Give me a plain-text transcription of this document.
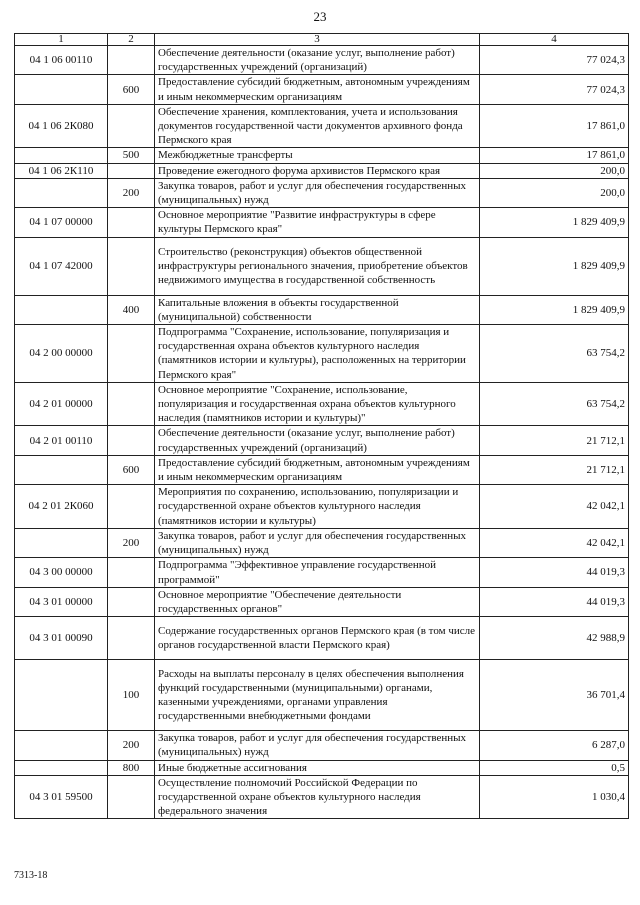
23
1	2	3	4
04 1 06 00110		Обеспечение деятельности (оказание услуг, выполнение работ) государственных учреждений (организаций)	77 024,3
	600	Предоставление субсидий бюджетным, автономным учреждениям и иным некоммерческим организациям	77 024,3
04 1 06 2К080		Обеспечение хранения, комплектования, учета и использования документов государственной части документов архивного фонда Пермского края	17 861,0
	500	Межбюджетные трансферты	17 861,0
04 1 06 2К110		Проведение ежегодного форума архивистов Пермского края	200,0
	200	Закупка товаров, работ и услуг для обеспечения государственных (муниципальных) нужд	200,0
04 1 07 00000		Основное мероприятие "Развитие инфраструктуры в сфере культуры Пермского края"	1 829 409,9
04 1 07 42000		Строительство (реконструкция) объектов общественной инфраструктуры регионального значения, приобретение объектов недвижимого имущества в государственной собственность	1 829 409,9
	400	Капитальные вложения в объекты государственной (муниципальной) собственности	1 829 409,9
04 2 00 00000		Подпрограмма "Сохранение, использование, популяризация и государственная охрана объектов культурного наследия (памятников истории и культуры), расположенных на территории Пермского края"	63 754,2
04 2 01 00000		Основное мероприятие "Сохранение, использование, популяризация и государственная охрана объектов культурного наследия (памятников истории и культуры)"	63 754,2
04 2 01 00110		Обеспечение деятельности (оказание услуг, выполнение работ) государственных учреждений (организаций)	21 712,1
	600	Предоставление субсидий бюджетным, автономным учреждениям и иным некоммерческим организациям	21 712,1
04 2 01 2К060		Мероприятия по сохранению, использованию, популяризации и государственной охране объектов культурного наследия (памятников истории и культуры)	42 042,1
	200	Закупка товаров, работ и услуг для обеспечения государственных (муниципальных) нужд	42 042,1
04 3 00 00000		Подпрограмма "Эффективное управление государственной программой"	44 019,3
04 3 01 00000		Основное мероприятие "Обеспечение деятельности государственных органов"	44 019,3
04 3 01 00090		Содержание государственных органов Пермского края (в том числе органов государственной власти Пермского края)	42 988,9
	100	Расходы на выплаты персоналу в целях обеспечения выполнения функций государственными (муниципальными) органами, казенными учреждениями, органами управления государственными внебюджетными фондами	36 701,4
	200	Закупка товаров, работ и услуг для обеспечения государственных (муниципальных) нужд	6 287,0
	800	Иные бюджетные ассигнования	0,5
04 3 01 59500		Осуществление полномочий Российской Федерации по государственной охране объектов культурного наследия федерального значения	1 030,4
7313-18
